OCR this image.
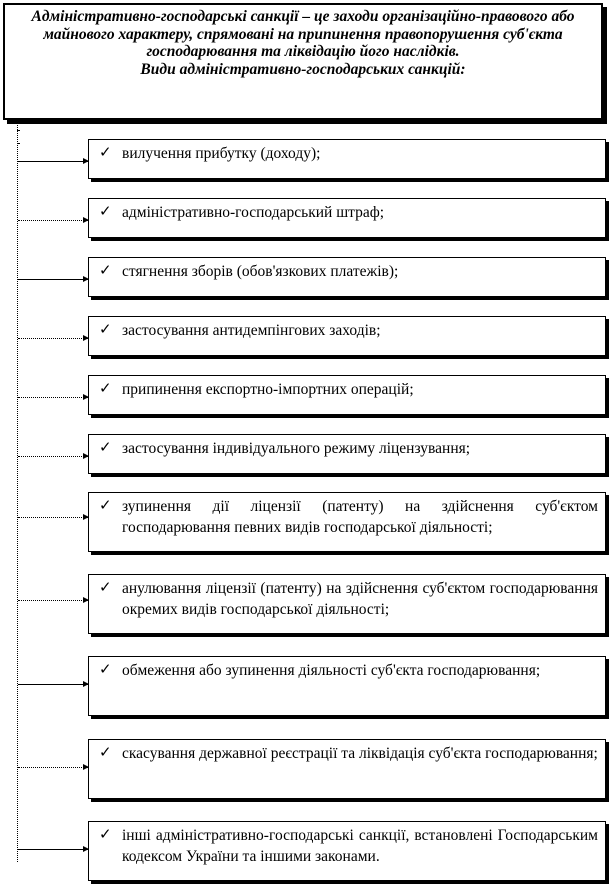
Адміністративно-господарські санкції – це заходи організаційно-правового або майнового характеру, спрямовані на припинення правопорушення суб'єкта господарювання та ліквідацію його наслідків.
Види адміністративно-господарських санкцій:
✓ вилучення прибутку (доходу);
✓ адміністративно-господарський штраф;
✓ стягнення зборів (обов'язкових платежів);
✓ застосування антидемпінгових заходів;
✓ припинення експортно-імпортних операцій;
✓ застосування індивідуального режиму ліцензування;
✓ зупинення дії ліцензії (патенту) на здійснення суб'єктом господарювання певних видів господарської діяльності;
✓ анулювання ліцензії (патенту) на здійснення суб'єктом господарювання окремих видів господарської діяльності;
✓ обмеження або зупинення діяльності суб'єкта господарювання;
✓ скасування державної реєстрації та ліквідація суб'єкта господарювання;
✓ інші адміністративно-господарські санкції, встановлені Господарським кодексом України та іншими законами.
